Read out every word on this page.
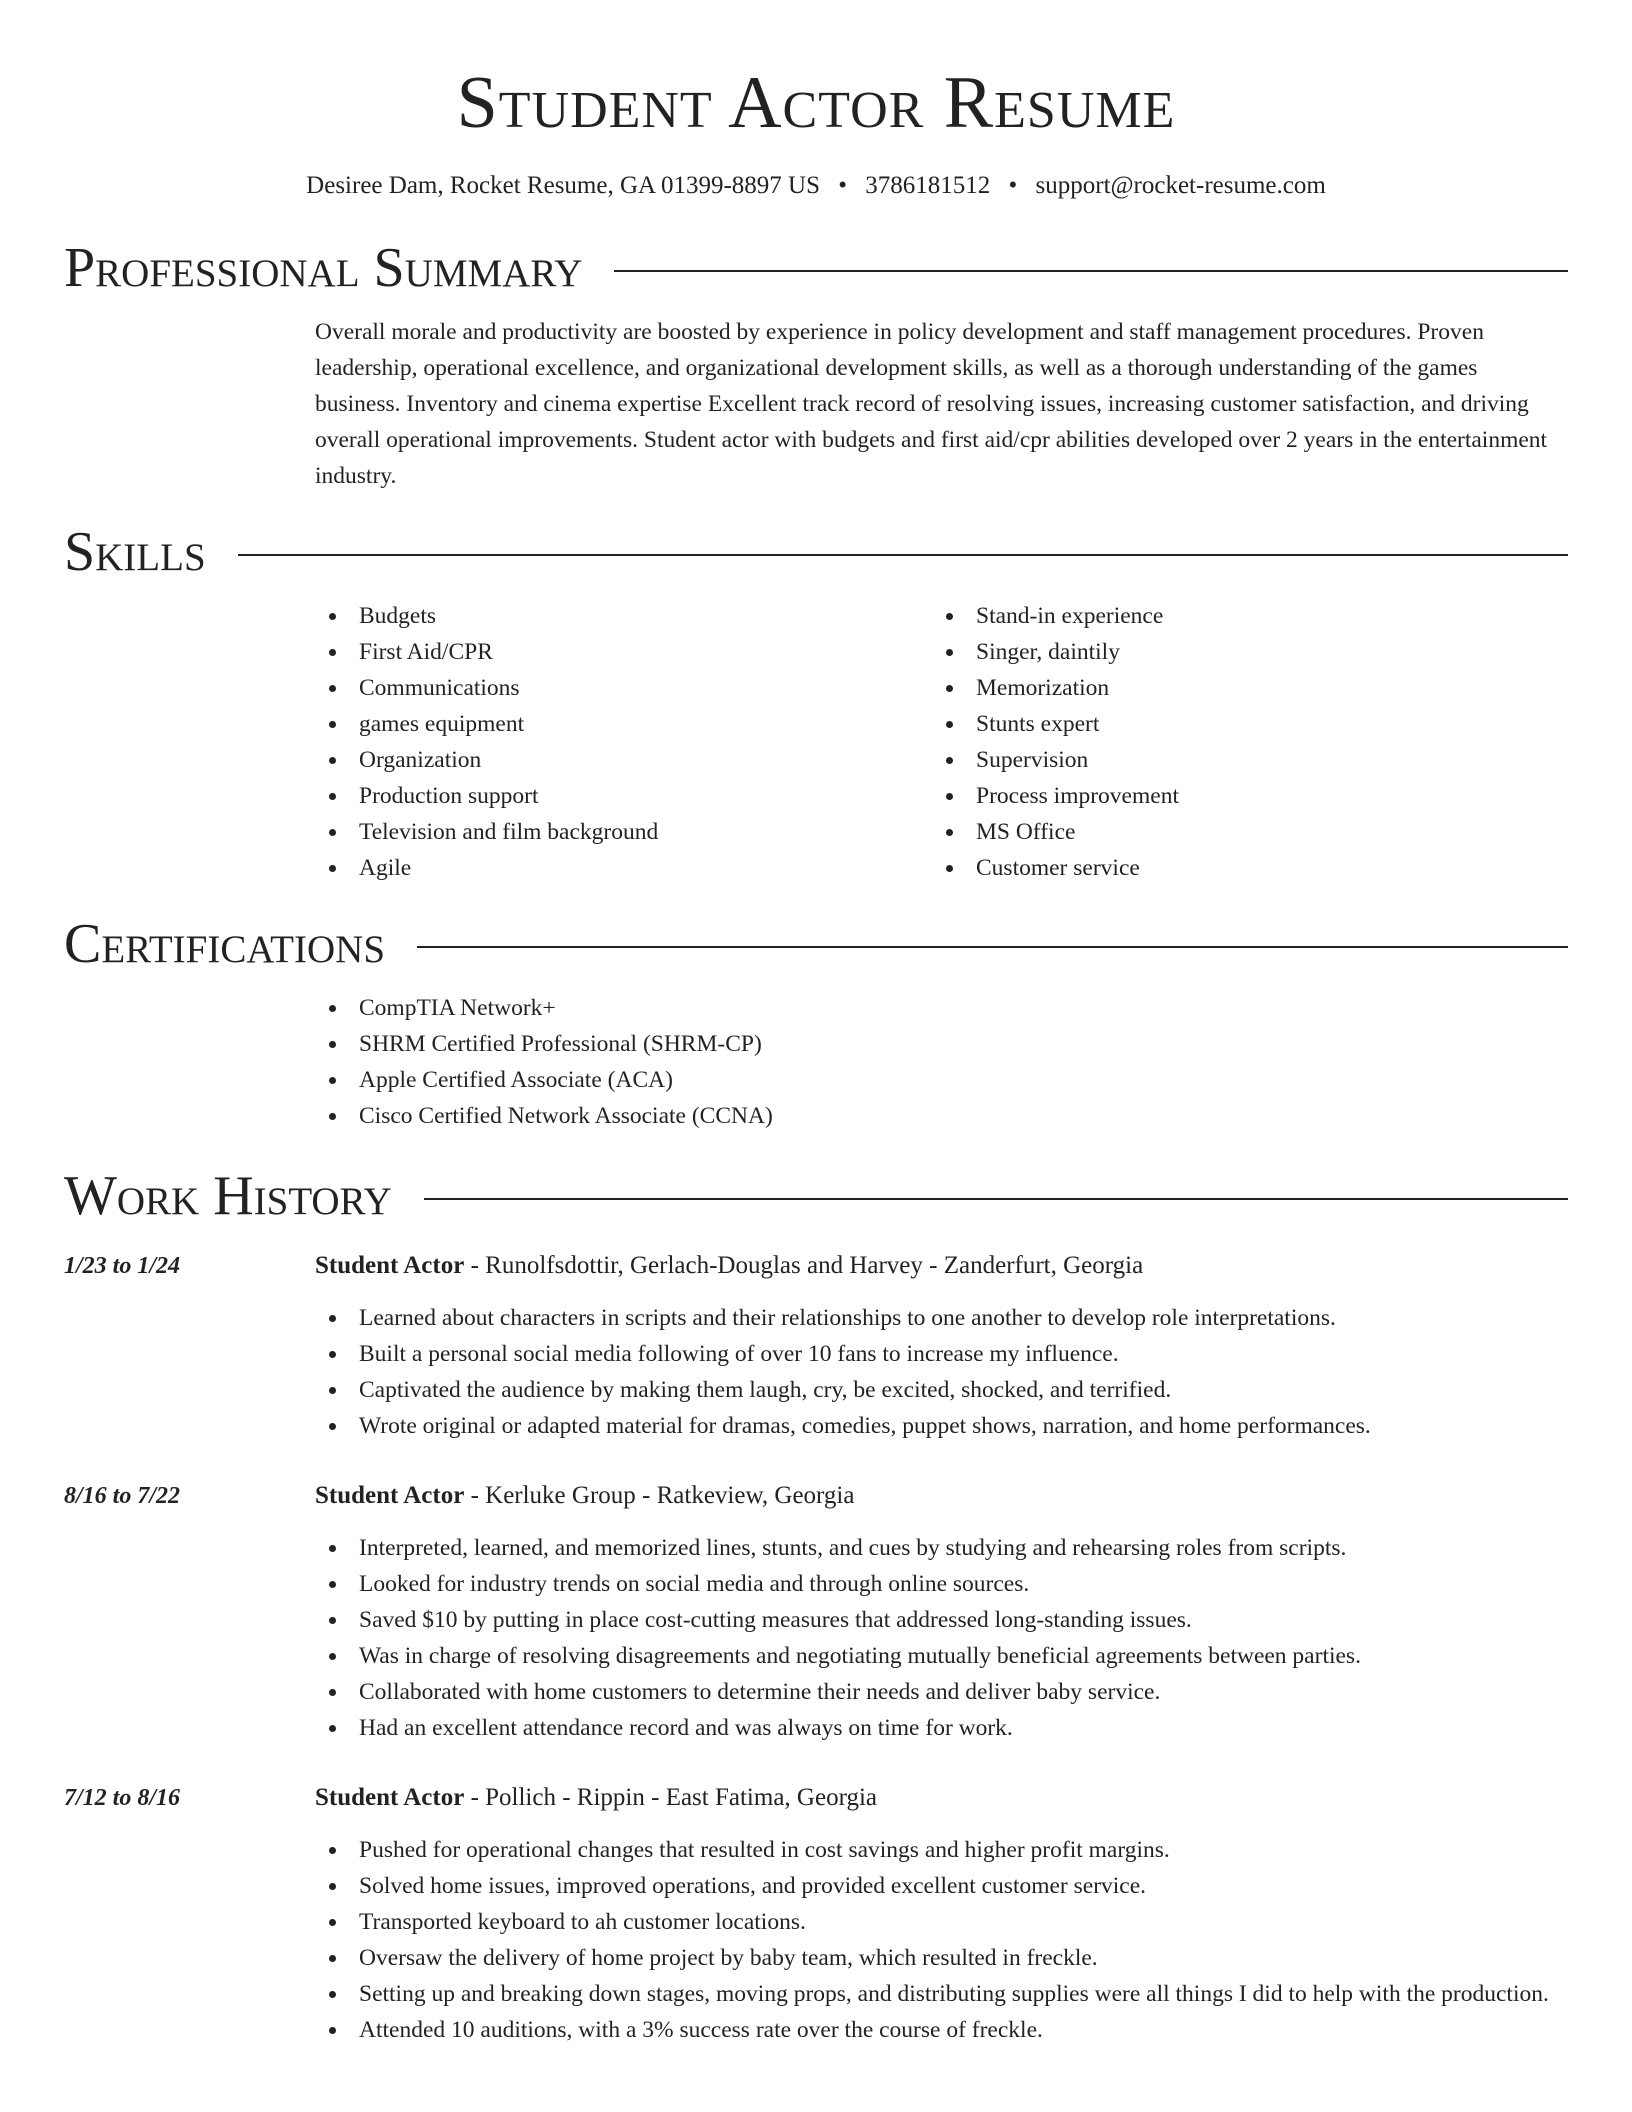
Student Actor Resume
Desiree Dam, Rocket Resume, GA 01399-8897 US • 3786181512 • support@rocket-resume.com
Professional Summary

Overall morale and productivity are boosted by experience in policy development and staff management procedures. Proven leadership, operational excellence, and organizational development skills, as well as a thorough understanding of the games business. Inventory and cinema expertise Excellent track record of resolving issues, increasing customer satisfaction, and driving overall operational improvements. Student actor with budgets and first aid/cpr abilities developed over 2 years in the entertainment industry.

Skills
Budgets
First Aid/CPR
Communications
games equipment
Organization
Production support
Television and film background
Agile
Stand-in experience
Singer, daintily
Memorization
Stunts expert
Supervision
Process improvement
MS Office
Customer service
Certifications
CompTIA Network+
SHRM Certified Professional (SHRM-CP)
Apple Certified Associate (ACA)
Cisco Certified Network Associate (CCNA)
Work History
1/23 to 1/24	Student Actor - Runolfsdottir, Gerlach-Douglas and Harvey - Zanderfurt, Georgia
Learned about characters in scripts and their relationships to one another to develop role interpretations.
Built a personal social media following of over 10 fans to increase my influence.
Captivated the audience by making them laugh, cry, be excited, shocked, and terrified.
Wrote original or adapted material for dramas, comedies, puppet shows, narration, and home performances.
8/16 to 7/22	Student Actor - Kerluke Group - Ratkeview, Georgia
Interpreted, learned, and memorized lines, stunts, and cues by studying and rehearsing roles from scripts.
Looked for industry trends on social media and through online sources.
Saved $10 by putting in place cost-cutting measures that addressed long-standing issues.
Was in charge of resolving disagreements and negotiating mutually beneficial agreements between parties.
Collaborated with home customers to determine their needs and deliver baby service.
Had an excellent attendance record and was always on time for work.
7/12 to 8/16	Student Actor - Pollich - Rippin - East Fatima, Georgia
Pushed for operational changes that resulted in cost savings and higher profit margins.
Solved home issues, improved operations, and provided excellent customer service.
Transported keyboard to ah customer locations.
Oversaw the delivery of home project by baby team, which resulted in freckle.
Setting up and breaking down stages, moving props, and distributing supplies were all things I did to help with the production.
Attended 10 auditions, with a 3% success rate over the course of freckle.
